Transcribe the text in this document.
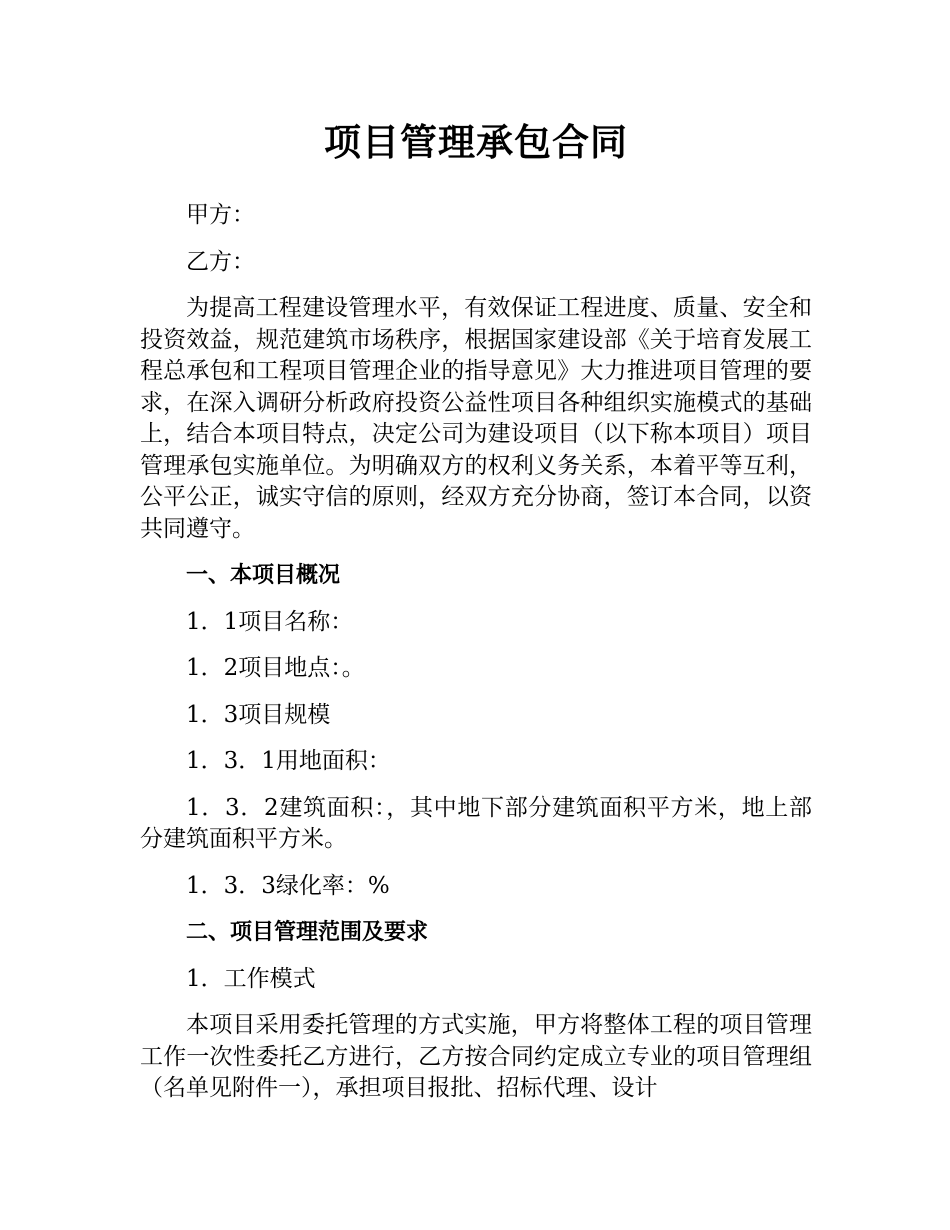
项目管理承包合同

甲方：

乙方：

为提高工程建设管理水平，有效保证工程进度、质量、安全和投资效益，规范建筑市场秩序，根据国家建设部《关于培育发展工程总承包和工程项目管理企业的指导意见》大力推进项目管理的要求，在深入调研分析政府投资公益性项目各种组织实施模式的基础上，结合本项目特点，决定公司为建设项目（以下称本项目）项目管理承包实施单位。为明确双方的权利义务关系，本着平等互利，公平公正，诚实守信的原则，经双方充分协商，签订本合同，以资共同遵守。

一、本项目概况

1．1项目名称：

1．2项目地点：。

1．3项目规模

1．3．1用地面积：

1．3．2建筑面积：，其中地下部分建筑面积平方米，地上部分建筑面积平方米。

1．3．3绿化率：%

二、项目管理范围及要求

1．工作模式

本项目采用委托管理的方式实施，甲方将整体工程的项目管理工作一次性委托乙方进行，乙方按合同约定成立专业的项目管理组（名单见附件一），承担项目报批、招标代理、设计
